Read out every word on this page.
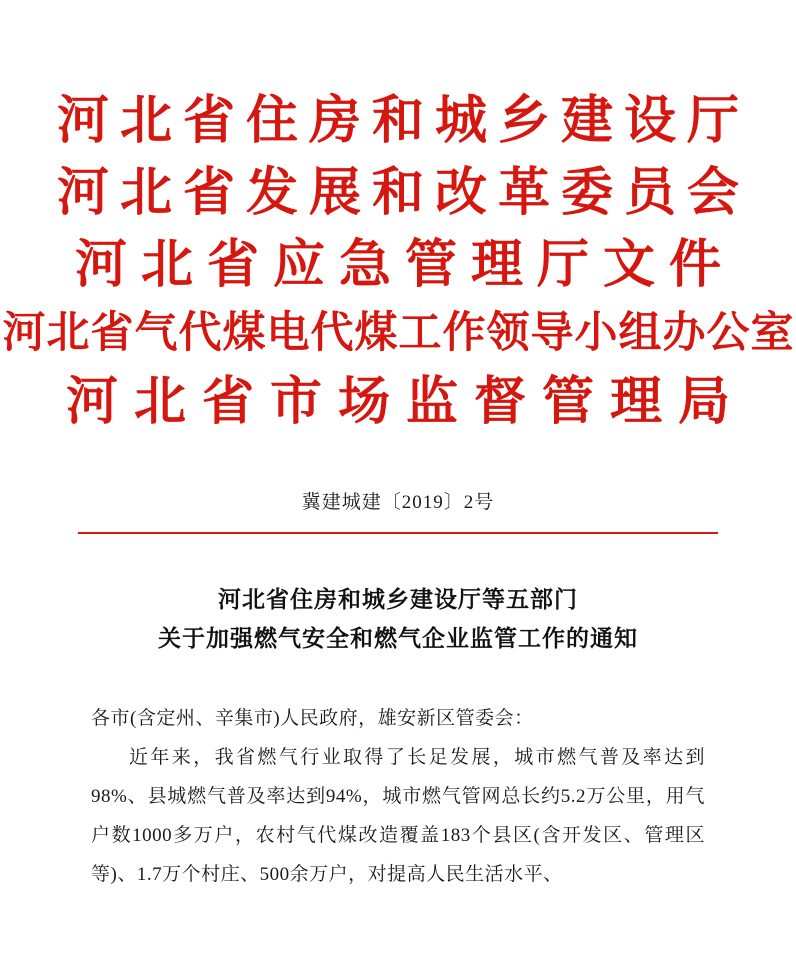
河北省住房和城乡建设厅
河北省发展和改革委员会
河北省应急管理厅文件
河北省气代煤电代煤工作领导小组办公室
河北省市场监督管理局
冀建城建〔2019〕2号
河北省住房和城乡建设厅等五部门
关于加强燃气安全和燃气企业监管工作的通知

各市(含定州、辛集市)人民政府，雄安新区管委会：

近年来，我省燃气行业取得了长足发展，城市燃气普及率达到98%、县城燃气普及率达到94%，城市燃气管网总长约5.2万公里，用气户数1000多万户，农村气代煤改造覆盖183个县区(含开发区、管理区等)、1.7万个村庄、500余万户，对提高人民生活水平、
